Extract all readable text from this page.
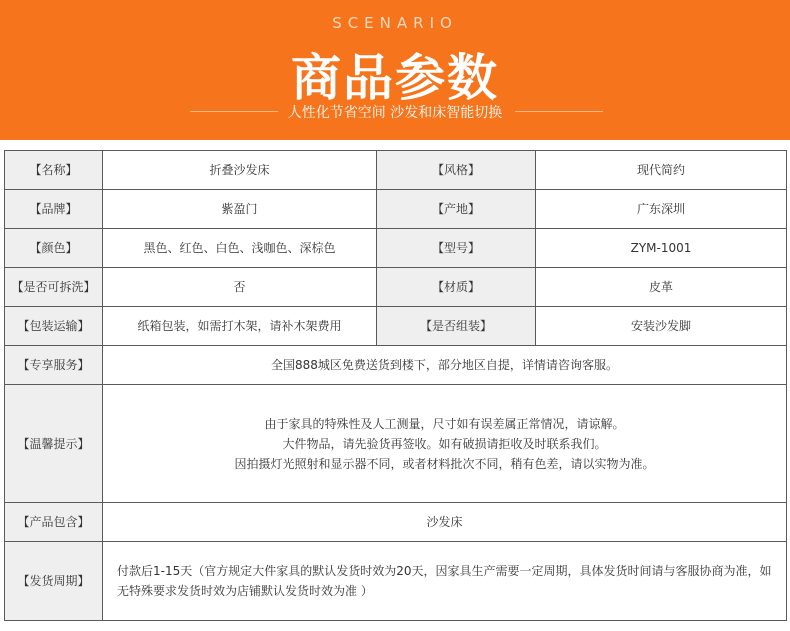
SCENARIO
商品参数
人性化节省空间 沙发和床智能切换
【名称】	折叠沙发床	【风格】	现代简约
【品牌】	紫盈门	【产地】	广东深圳
【颜色】	黑色、红色、白色、浅咖色、深棕色	【型号】	ZYM-1001
【是否可拆洗】	否	【材质】	皮革
【包装运输】	纸箱包装，如需打木架，请补木架费用	【是否组装】	安装沙发脚
【专享服务】	全国888城区免费送货到楼下，部分地区自提，详情请咨询客服。		
【温馨提示】	由于家具的特殊性及人工测量，尺寸如有误差属正常情况，请谅解。
大件物品，请先验货再签收。如有破损请拒收及时联系我们。
因拍摄灯光照射和显示器不同，或者材料批次不同，稍有色差，请以实物为准。		

【产品包含】	沙发床		
【发货周期】	付款后1-15天（官方规定大件家具的默认发货时效为20天，因家具生产需要一定周期，具体发货时间请与客服协商为准，如无特殊要求发货时效为店铺默认发货时效为准 ）		
